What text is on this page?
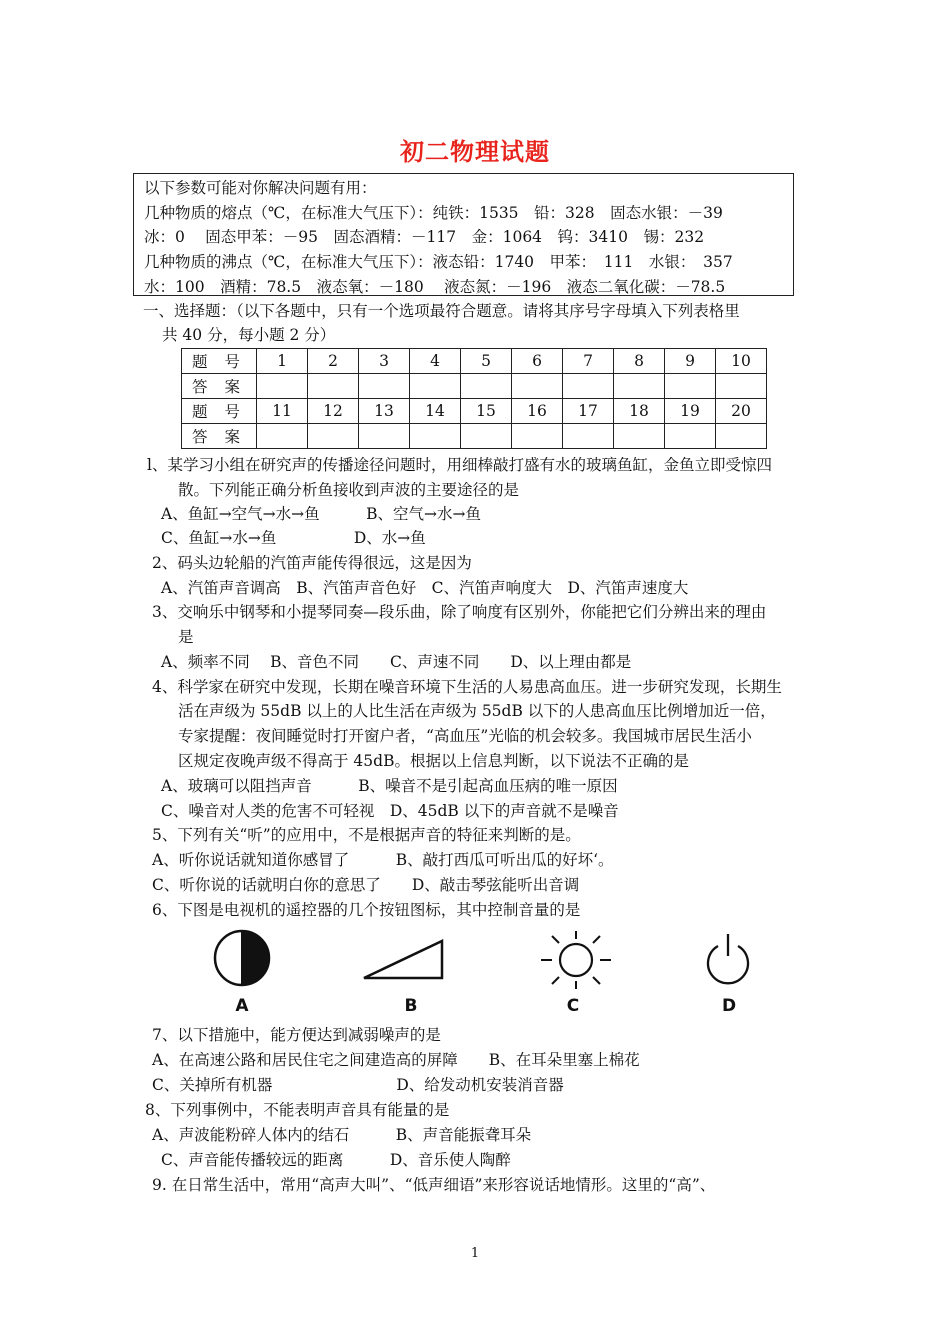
初二物理试题
以下参数可能对你解决问题有用：
几种物质的熔点（℃，在标准大气压下）：纯铁：1535　铅：328　固态水银：－39
冰：0　 固态甲苯：－95　固态酒精：－117　金：1064　钨：3410　锡：232
几种物质的沸点（℃，在标准大气压下）：液态铅：1740　甲苯：　111　水银：　357
水：100　酒精：78.5　液态氧：－180　 液态氮：－196　液态二氧化碳：－78.5
一、选择题：（以下各题中，只有一个选项最符合题意。请将其序号字母填入下列表格里
共 40 分，每小题 2 分）
题 号	1	2	3	4	5	6	7	8	9	10
答 案										
题 号	11	12	13	14	15	16	17	18	19	20
答 案										
l、某学习小组在研究声的传播途径问题时，用细棒敲打盛有水的玻璃鱼缸，金鱼立即受惊四
散。下列能正确分析鱼接收到声波的主要途径的是
A、鱼缸→空气→水→鱼　　　B、空气→水→鱼
C、鱼缸→水→鱼　　　　　D、水→鱼
2、码头边轮船的汽笛声能传得很远，这是因为
A、汽笛声音调高　B、汽笛声音色好　C、汽笛声响度大　D、汽笛声速度大
3、交响乐中钢琴和小提琴同奏—段乐曲，除了响度有区别外，你能把它们分辨出来的理由
是
A、频率不同　 B、音色不同　　C、声速不同　　D、以上理由都是
4、科学家在研究中发现，长期在噪音环境下生活的人易患高血压。进一步研究发现，长期生
活在声级为 55dB 以上的人比生活在声级为 55dB 以下的人患高血压比例增加近一倍，
专家提醒：夜间睡觉时打开窗户者，“高血压”光临的机会较多。我国城市居民生活小
区规定夜晚声级不得高于 45dB。根据以上信息判断，以下说法不正确的是
A、玻璃可以阻挡声音　　　B、噪音不是引起高血压病的唯一原因
C、噪音对人类的危害不可轻视　D、45dB 以下的声音就不是噪音
5、下列有关“听”的应用中，不是根据声音的特征来判断的是。
A、听你说话就知道你感冒了　　　B、敲打西瓜可听出瓜的好坏‘。
C、听你说的话就明白你的意思了　　D、敲击琴弦能听出音调
6、下图是电视机的遥控器的几个按钮图标，其中控制音量的是
A	B	C	D
7、以下措施中，能方便达到减弱噪声的是
A、在高速公路和居民住宅之间建造高的屏障　　B、在耳朵里塞上棉花
C、关掉所有机器　　　　　　　　D、给发动机安装消音器
8、下列事例中，不能表明声音具有能量的是
A、声波能粉碎人体内的结石　　　B、声音能振聋耳朵
C、声音能传播较远的距离　　　D、音乐使人陶醉
9. 在日常生活中，常用“高声大叫”、“低声细语”来形容说话地情形。这里的“高”、
1
